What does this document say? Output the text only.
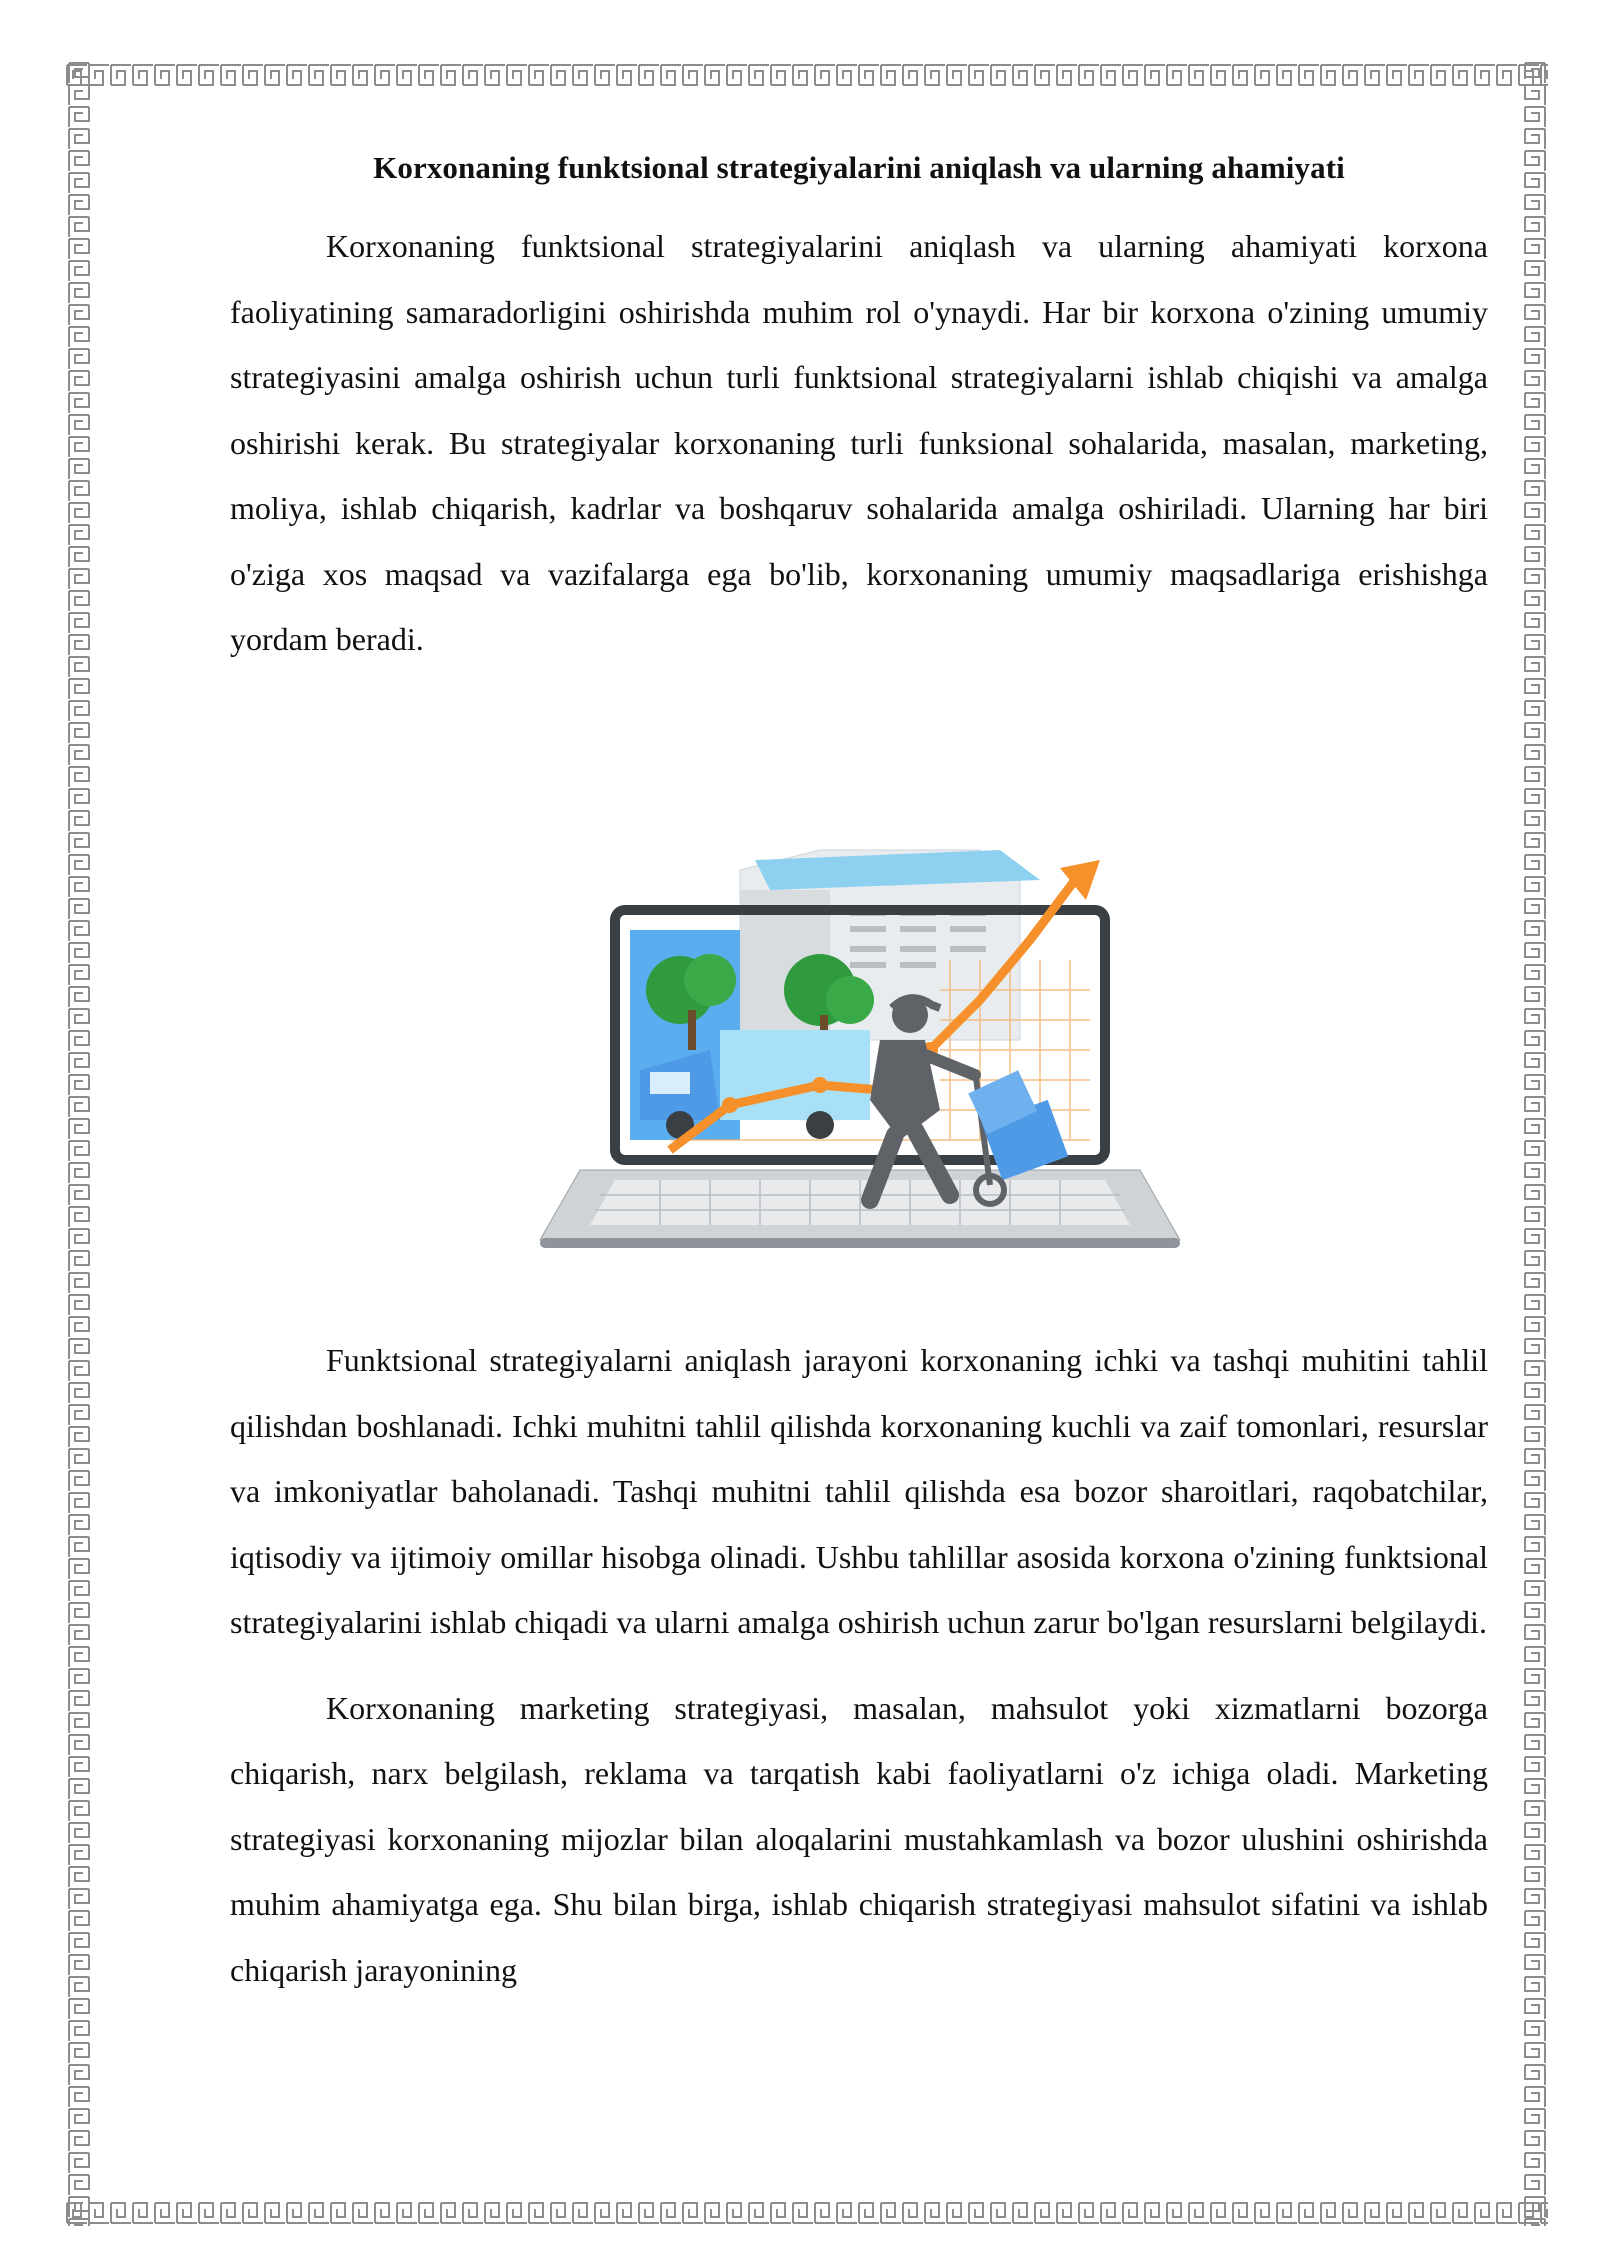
Korxonaning funktsional strategiyalarini aniqlash va ularning ahamiyati

Korxonaning funktsional strategiyalarini aniqlash va ularning ahamiyati korxona faoliyatining samaradorligini oshirishda muhim rol o'ynaydi. Har bir korxona o'zining umumiy strategiyasini amalga oshirish uchun turli funktsional strategiyalarni ishlab chiqishi va amalga oshirishi kerak. Bu strategiyalar korxonaning turli funksional sohalarida, masalan, marketing, moliya, ishlab chiqarish, kadrlar va boshqaruv sohalarida amalga oshiriladi. Ularning har biri o'ziga xos maqsad va vazifalarga ega bo'lib, korxonaning umumiy maqsadlariga erishishga yordam beradi.

Funktsional strategiyalarni aniqlash jarayoni korxonaning ichki va tashqi muhitini tahlil qilishdan boshlanadi. Ichki muhitni tahlil qilishda korxonaning kuchli va zaif tomonlari, resurslar va imkoniyatlar baholanadi. Tashqi muhitni tahlil qilishda esa bozor sharoitlari, raqobatchilar, iqtisodiy va ijtimoiy omillar hisobga olinadi. Ushbu tahlillar asosida korxona o'zining funktsional strategiyalarini ishlab chiqadi va ularni amalga oshirish uchun zarur bo'lgan resurslarni belgilaydi.

Korxonaning marketing strategiyasi, masalan, mahsulot yoki xizmatlarni bozorga chiqarish, narx belgilash, reklama va tarqatish kabi faoliyatlarni o'z ichiga oladi. Marketing strategiyasi korxonaning mijozlar bilan aloqalarini mustahkamlash va bozor ulushini oshirishda muhim ahamiyatga ega. Shu bilan birga, ishlab chiqarish strategiyasi mahsulot sifatini va ishlab chiqarish jarayonining
